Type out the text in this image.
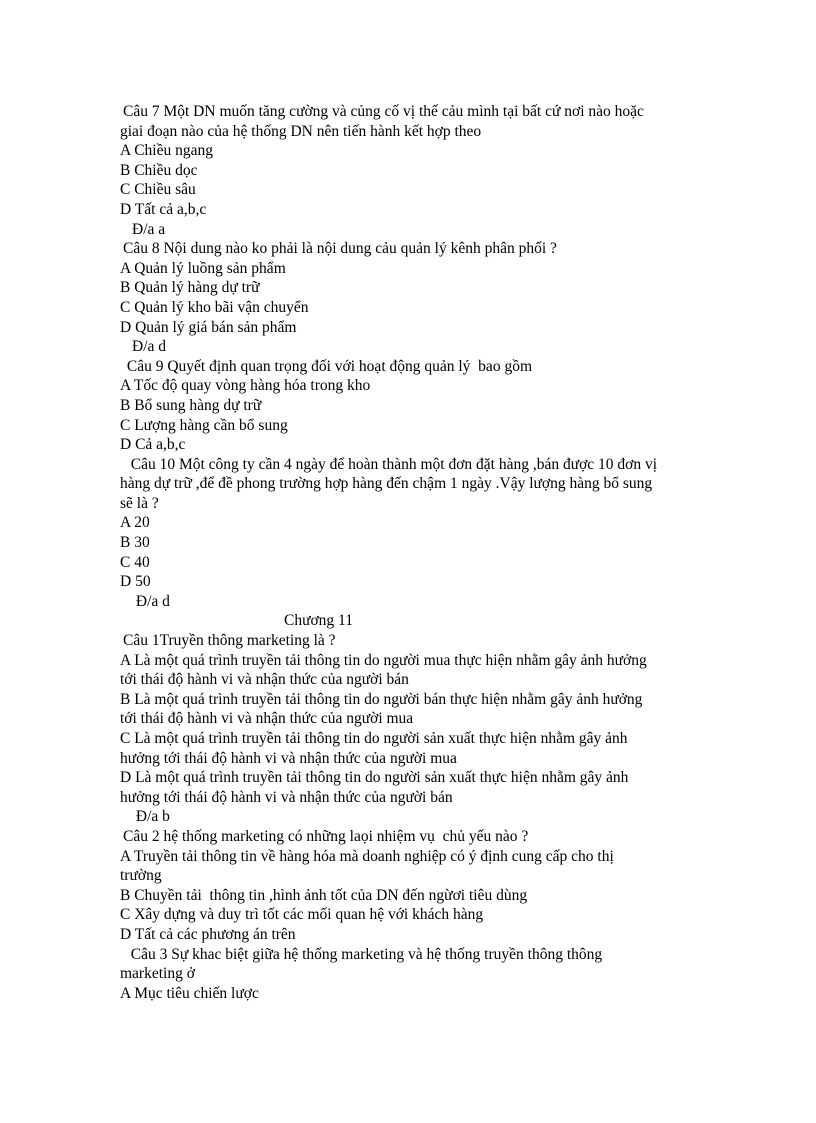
Câu 7 Một DN muốn tăng cường và củng cố vị thế cảu mình tại bất cứ nơi nào hoặc
giai đoạn nào của hệ thống DN nên tiến hành kết hợp theo
A Chiều ngang
B Chiều dọc
C Chiều sâu
D Tất cả a,b,c
Đ/a a
Câu 8 Nội dung nào ko phải là nội dung cảu quản lý kênh phân phối ?
A Quản lý luồng sản phẩm
B Quản lý hàng dự trữ
C Quản lý kho bãi vận chuyển
D Quản lý giá bán sản phẩm
Đ/a d
Câu 9 Quyết định quan trọng đối với hoạt động quản lý  bao gồm
A Tốc độ quay vòng hàng hóa trong kho
B Bổ sung hàng dự trữ
C Lượng hàng cần bổ sung
D Cả a,b,c
Câu 10 Một công ty cần 4 ngày để hoàn thành một đơn đặt hàng ,bán được 10 đơn vị
hàng dự trữ ,để đề phong trường hợp hàng đến chậm 1 ngày .Vậy lượng hàng bổ sung
sẽ là ?
A 20
B 30
C 40
D 50
Đ/a d
Chương 11
Câu 1Truyền thông marketing là ?
A Là một quá trình truyền tải thông tin do người mua thực hiện nhằm gây ảnh hưởng
tới thái độ hành vi và nhận thức của người bán
B Là một quá trình truyền tải thông tin do người bán thực hiện nhằm gây ảnh hưởng
tới thái độ hành vi và nhận thức của người mua
C Là một quá trình truyền tải thông tin do người sản xuất thực hiện nhằm gây ảnh
hưởng tới thái độ hành vi và nhận thức của người mua
D Là một quá trình truyền tải thông tin do người sản xuất thực hiện nhằm gây ảnh
hưởng tới thái độ hành vi và nhận thức của người bán
Đ/a b
Câu 2 hệ thống marketing có những laọi nhiệm vụ  chủ yếu nào ?
A Truyền tải thông tin về hàng hóa mà doanh nghiệp có ý định cung cấp cho thị
trường
B Chuyền tải  thông tin ,hình ảnh tốt của DN đến ngừơi tiêu dùng
C Xây dựng và duy trì tốt các mối quan hệ với khách hàng
D Tất cả các phương án trên
Câu 3 Sự khac biệt giữa hệ thống marketing và hệ thống truyền thông thông
marketing ở
A Mục tiêu chiến lược
